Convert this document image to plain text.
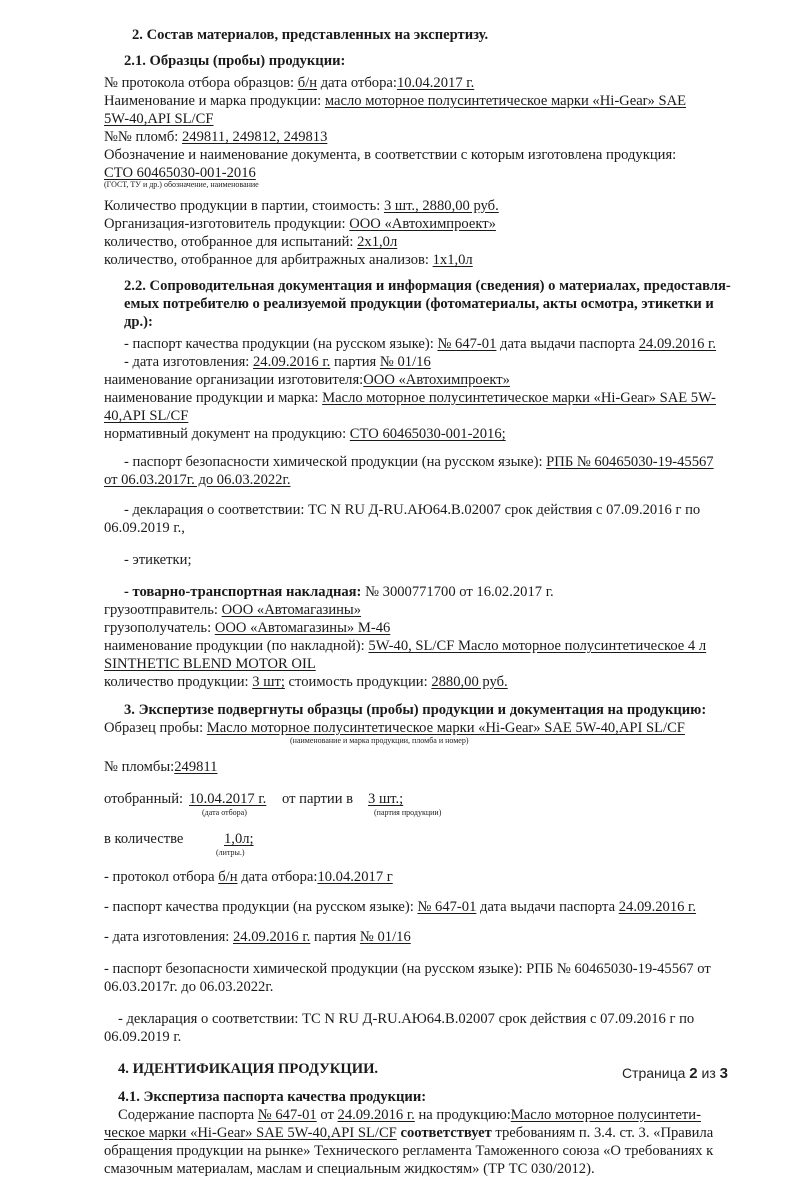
2. Состав материалов, представленных на экспертизу.

2.1. Образцы (пробы) продукции:

№ протокола отбора образцов: б/н дата отбора:10.04.2017 г.

Наименование и марка продукции: масло моторное полусинтетическое марки «Hi-Gear» SAE

5W-40,API SL/CF

№№ пломб: 249811, 249812, 249813

Обозначение и наименование документа, в соответствии с которым изготовлена продукция:

СТО 60465030-001-2016

(ГОСТ, ТУ и др.) обозначение, наименование

Количество продукции в партии, стоимость: 3 шт., 2880,00 руб.

Организация-изготовитель продукции: ООО «Автохимпроект»

количество, отобранное для испытаний: 2х1,0л

количество, отобранное для арбитражных анализов: 1х1,0л

2.2. Сопроводительная документация и информация (сведения) о материалах, предоставля-

емых потребителю о реализуемой продукции (фотоматериалы, акты осмотра, этикетки и др.):

- паспорт качества продукции (на русском языке): № 647-01 дата выдачи паспорта 24.09.2016 г.

- дата изготовления: 24.09.2016 г. партия № 01/16

наименование организации изготовителя:ООО «Автохимпроект»

наименование продукции и марка: Масло моторное полусинтетическое марки «Hi-Gear» SAE 5W-

40,API SL/CF

нормативный документ на продукцию: СТО 60465030-001-2016;

- паспорт безопасности химической продукции (на русском языке): РПБ № 60465030-19-45567

от 06.03.2017г. до 06.03.2022г.

- декларация о соответствии: ТС N RU Д-RU.АЮ64.В.02007 срок действия с 07.09.2016 г по

06.09.2019 г.,

- этикетки;

- товарно-транспортная накладная: № 3000771700 от 16.02.2017 г.

грузоотправитель: ООО «Автомагазины»

грузополучатель: ООО «Автомагазины» М-46

наименование продукции (по накладной): 5W-40, SL/CF Масло моторное полусинтетическое 4 л

SINTHETIC BLEND MOTOR OIL

количество продукции: 3 шт; стоимость продукции: 2880,00 руб.

3. Экспертизе подвергнуты образцы (пробы) продукции и документация на продукцию:

Образец пробы: Масло моторное полусинтетическое марки «Hi-Gear» SAE 5W-40,API SL/CF

(наименование и марка продукции, пломба и номер)

№ пломбы:249811

отобранный: 10.04.2017 г. от партии в 3 шт.;
(дата отбора)	(партия продукции)
в количестве	1,0л;
(литры.)

- протокол отбора б/н дата отбора:10.04.2017 г

- паспорт качества продукции (на русском языке): № 647-01 дата выдачи паспорта 24.09.2016 г.

- дата изготовления: 24.09.2016 г. партия № 01/16

- паспорт безопасности химической продукции (на русском языке): РПБ № 60465030-19-45567 от

06.03.2017г. до 06.03.2022г.

- декларация о соответствии: ТС N RU Д-RU.АЮ64.В.02007 срок действия с 07.09.2016 г по

06.09.2019 г.

4. ИДЕНТИФИКАЦИЯ ПРОДУКЦИИ.

4.1. Экспертиза паспорта качества продукции:

Содержание паспорта № 647-01 от 24.09.2016 г. на продукцию:Масло моторное полусинтети-

ческое марки «Hi-Gear» SAE 5W-40,API SL/CF соответствует требованиям п. 3.4. ст. 3. «Правила

обращения продукции на рынке» Технического регламента Таможенного союза «О требованиях к

смазочным материалам, маслам и специальным жидкостям» (ТР ТС 030/2012).

Страница 2 из 3
